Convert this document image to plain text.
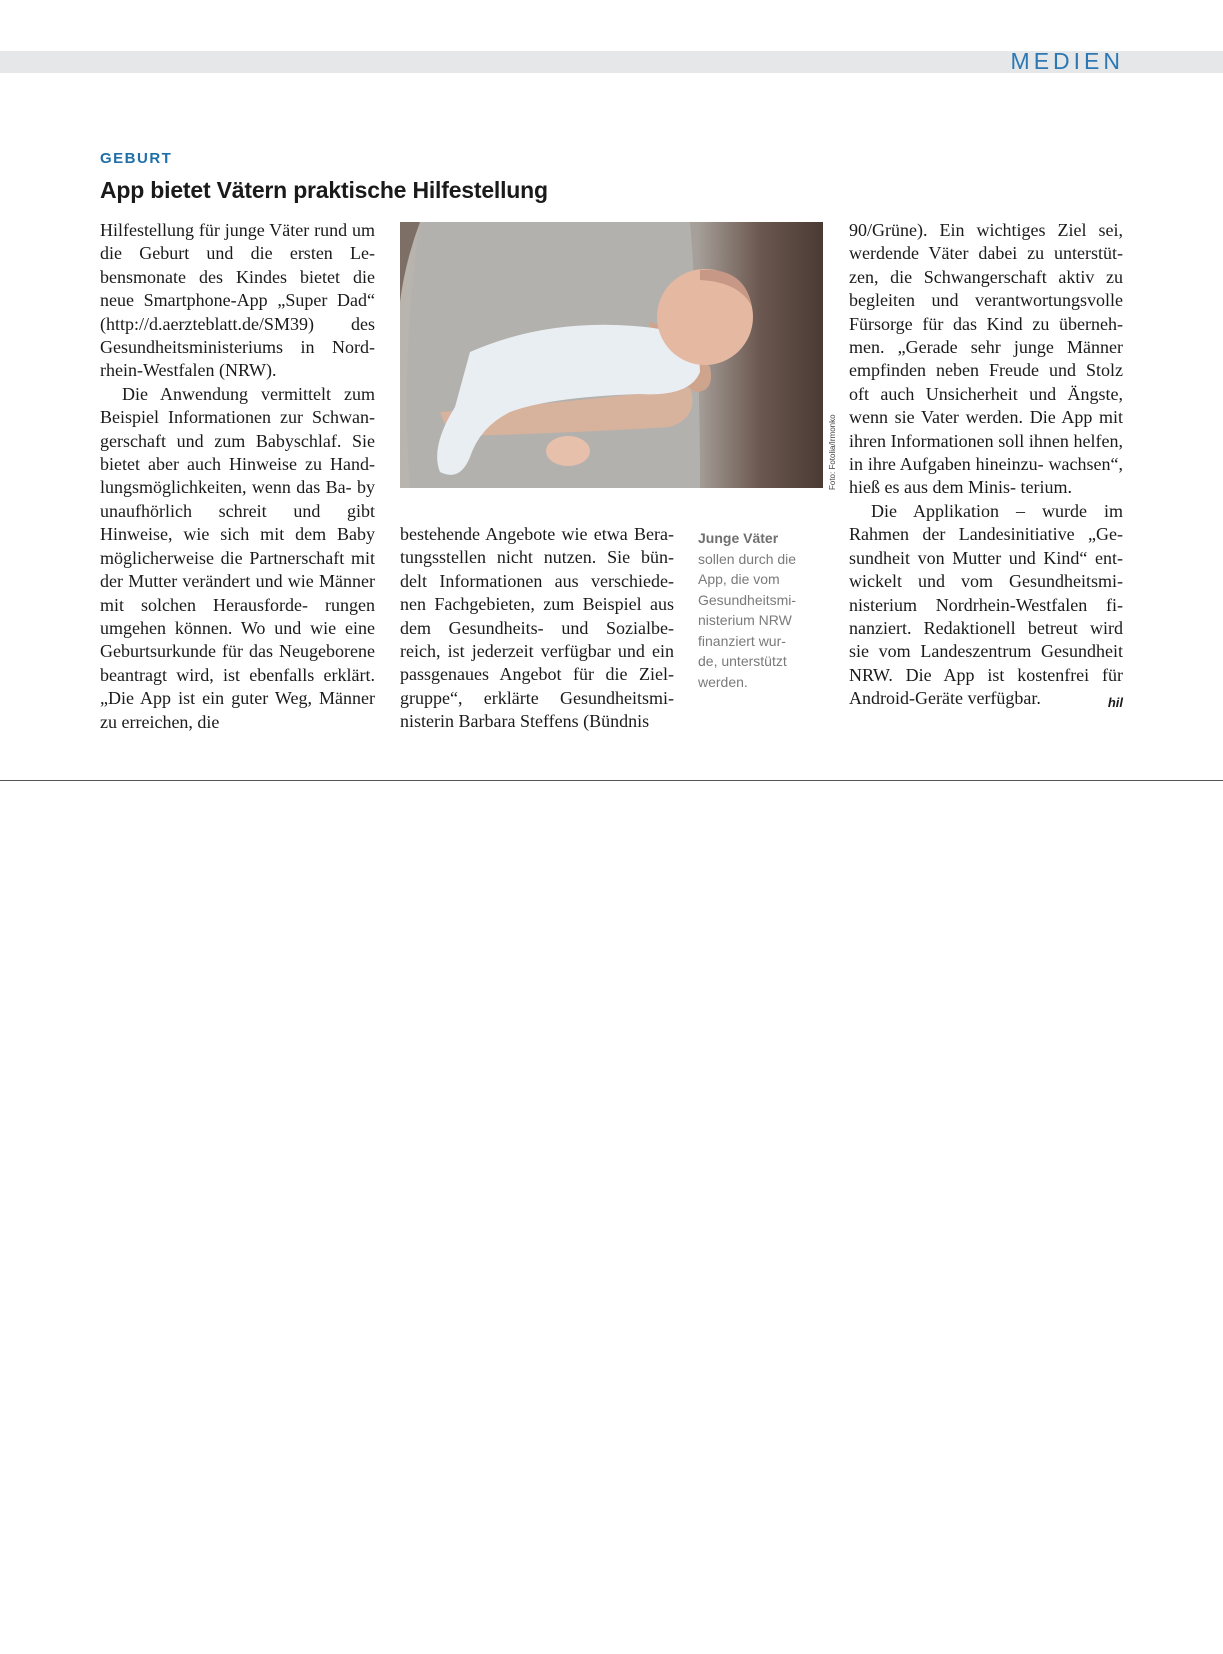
MEDIEN
GEBURT
App bietet Vätern praktische Hilfestellung

Hilfestellung für junge Väter rund um die Geburt und die ersten Le- bensmonate des Kindes bietet die neue Smartphone-App „Super Dad“ (http://d.aerzteblatt.de/SM39) des Gesundheitsministeriums in Nord- rhein-Westfalen (NRW).

Die Anwendung vermittelt zum Beispiel Informationen zur Schwan- gerschaft und zum Babyschlaf. Sie bietet aber auch Hinweise zu Hand- lungsmöglichkeiten, wenn das Ba- by unaufhörlich schreit und gibt Hinweise, wie sich mit dem Baby möglicherweise die Partnerschaft mit der Mutter verändert und wie Männer mit solchen Herausforde- rungen umgehen können. Wo und wie eine Geburtsurkunde für das Neugeborene beantragt wird, ist ebenfalls erklärt. „Die App ist ein guter Weg, Männer zu erreichen, die

Foto: Fotolia/Irmonko

bestehende Angebote wie etwa Bera- tungsstellen nicht nutzen. Sie bün- delt Informationen aus verschiede- nen Fachgebieten, zum Beispiel aus dem Gesundheits- und Sozialbe- reich, ist jederzeit verfügbar und ein passgenaues Angebot für die Ziel- gruppe“, erklärte Gesundheitsmi- nisterin Barbara Steffens (Bündnis

Junge Väter
sollen durch die
App, die vom
Gesundheitsmi-
nisterium NRW
finanziert wur-
de, unterstützt
werden.

90/Grüne). Ein wichtiges Ziel sei, werdende Väter dabei zu unterstüt- zen, die Schwangerschaft aktiv zu begleiten und verantwortungsvolle Fürsorge für das Kind zu überneh- men. „Gerade sehr junge Männer empfinden neben Freude und Stolz oft auch Unsicherheit und Ängste, wenn sie Vater werden. Die App mit ihren Informationen soll ihnen helfen, in ihre Aufgaben hineinzu- wachsen“, hieß es aus dem Minis- terium.

Die Applikation – wurde im Rahmen der Landesinitiative „Ge- sundheit von Mutter und Kind“ ent- wickelt und vom Gesundheitsmi- nisterium Nordrhein-Westfalen fi- nanziert. Redaktionell betreut wird sie vom Landeszentrum Gesundheit NRW. Die App ist kostenfrei für Android-Geräte verfügbar.	hil
